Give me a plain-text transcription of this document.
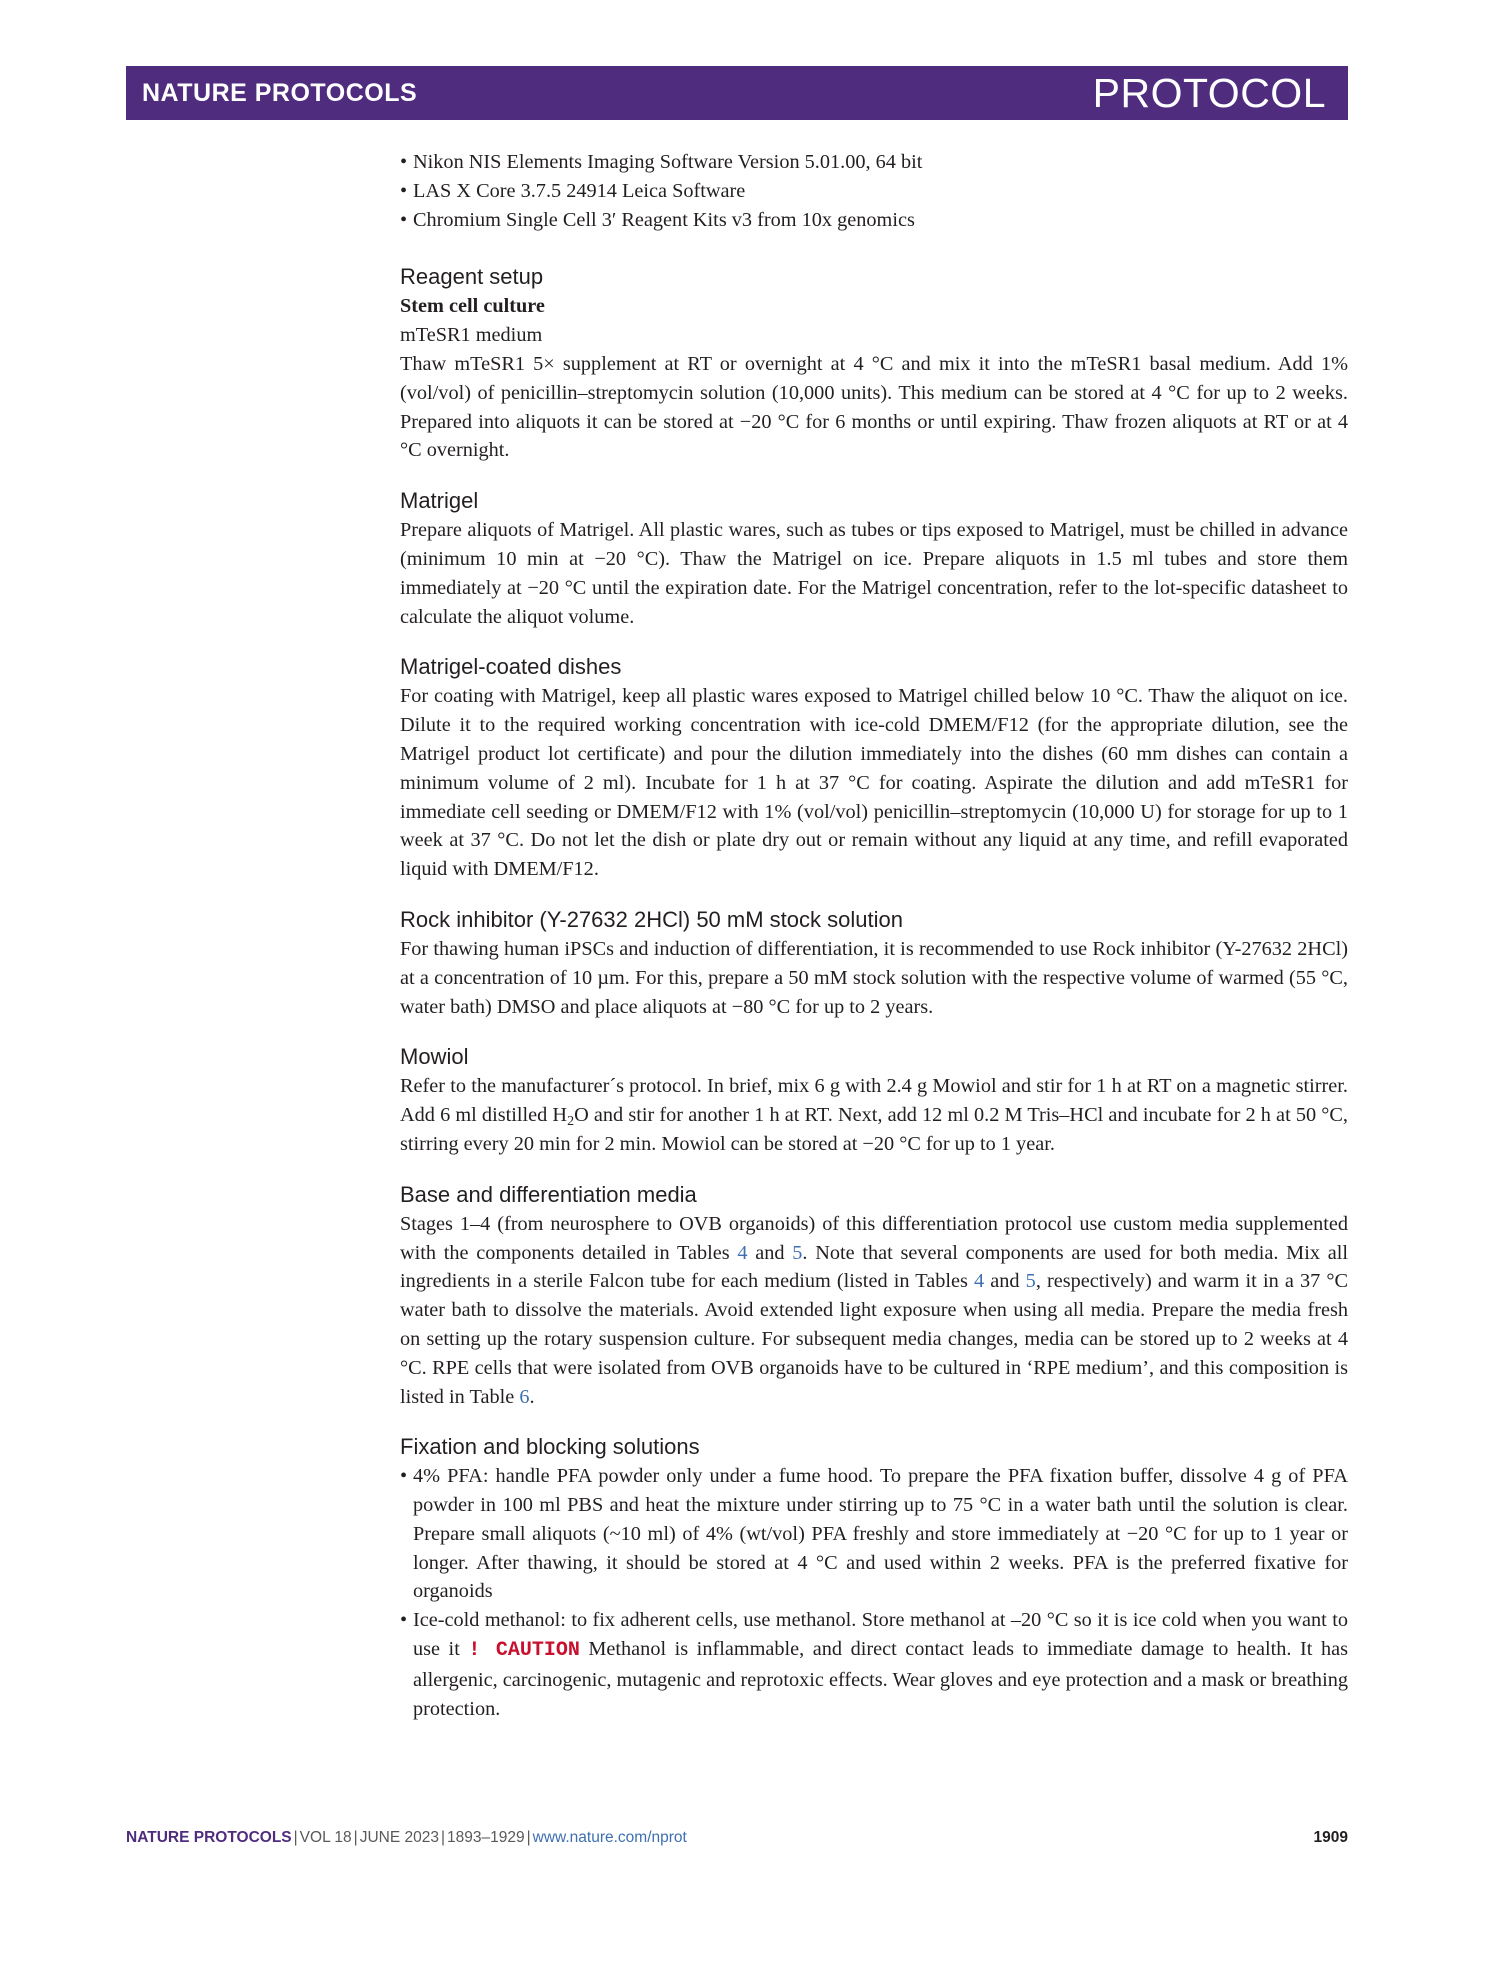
NATURE PROTOCOLS	PROTOCOL
• Nikon NIS Elements Imaging Software Version 5.01.00, 64 bit
• LAS X Core 3.7.5 24914 Leica Software
• Chromium Single Cell 3′ Reagent Kits v3 from 10x genomics
Reagent setup
Stem cell culture
mTeSR1 medium

Thaw mTeSR1 5× supplement at RT or overnight at 4 °C and mix it into the mTeSR1 basal medium. Add 1% (vol/vol) of penicillin–streptomycin solution (10,000 units). This medium can be stored at 4 °C for up to 2 weeks. Prepared into aliquots it can be stored at −20 °C for 6 months or until expiring. Thaw frozen aliquots at RT or at 4 °C overnight.

Matrigel

Prepare aliquots of Matrigel. All plastic wares, such as tubes or tips exposed to Matrigel, must be chilled in advance (minimum 10 min at −20 °C). Thaw the Matrigel on ice. Prepare aliquots in 1.5 ml tubes and store them immediately at −20 °C until the expiration date. For the Matrigel concentration, refer to the lot-specific datasheet to calculate the aliquot volume.

Matrigel-coated dishes

For coating with Matrigel, keep all plastic wares exposed to Matrigel chilled below 10 °C. Thaw the aliquot on ice. Dilute it to the required working concentration with ice-cold DMEM/F12 (for the appropriate dilution, see the Matrigel product lot certificate) and pour the dilution immediately into the dishes (60 mm dishes can contain a minimum volume of 2 ml). Incubate for 1 h at 37 °C for coating. Aspirate the dilution and add mTeSR1 for immediate cell seeding or DMEM/F12 with 1% (vol/vol) penicillin–streptomycin (10,000 U) for storage for up to 1 week at 37 °C. Do not let the dish or plate dry out or remain without any liquid at any time, and refill evaporated liquid with DMEM/F12.

Rock inhibitor (Y-27632 2HCl) 50 mM stock solution

For thawing human iPSCs and induction of differentiation, it is recommended to use Rock inhibitor (Y-27632 2HCl) at a concentration of 10 µm. For this, prepare a 50 mM stock solution with the respective volume of warmed (55 °C, water bath) DMSO and place aliquots at −80 °C for up to 2 years.

Mowiol

Refer to the manufacturer´s protocol. In brief, mix 6 g with 2.4 g Mowiol and stir for 1 h at RT on a magnetic stirrer. Add 6 ml distilled $H_2O$ and stir for another 1 h at RT. Next, add 12 ml 0.2 M Tris–HCl and incubate for 2 h at 50 °C, stirring every 20 min for 2 min. Mowiol can be stored at −20 °C for up to 1 year.

Base and differentiation media

Stages 1–4 (from neurosphere to OVB organoids) of this differentiation protocol use custom media supplemented with the components detailed in Tables 4 and 5. Note that several components are used for both media. Mix all ingredients in a sterile Falcon tube for each medium (listed in Tables 4 and 5, respectively) and warm it in a 37 °C water bath to dissolve the materials. Avoid extended light exposure when using all media. Prepare the media fresh on setting up the rotary suspension culture. For subsequent media changes, media can be stored up to 2 weeks at 4 °C. RPE cells that were isolated from OVB organoids have to be cultured in ‘RPE medium’, and this composition is listed in Table 6.

Fixation and blocking solutions
• 4% PFA: handle PFA powder only under a fume hood. To prepare the PFA fixation buffer, dissolve 4 g of PFA powder in 100 ml PBS and heat the mixture under stirring up to 75 °C in a water bath until the solution is clear. Prepare small aliquots (~10 ml) of 4% (wt/vol) PFA freshly and store immediately at −20 °C for up to 1 year or longer. After thawing, it should be stored at 4 °C and used within 2 weeks. PFA is the preferred fixative for organoids
• Ice-cold methanol: to fix adherent cells, use methanol. Store methanol at –20 °C so it is ice cold when you want to use it ! CAUTION Methanol is inflammable, and direct contact leads to immediate damage to health. It has allergenic, carcinogenic, mutagenic and reprotoxic effects. Wear gloves and eye protection and a mask or breathing protection.
NATURE PROTOCOLS | VOL 18 | JUNE 2023 | 1893–1929 | www.nature.com/nprot	1909
